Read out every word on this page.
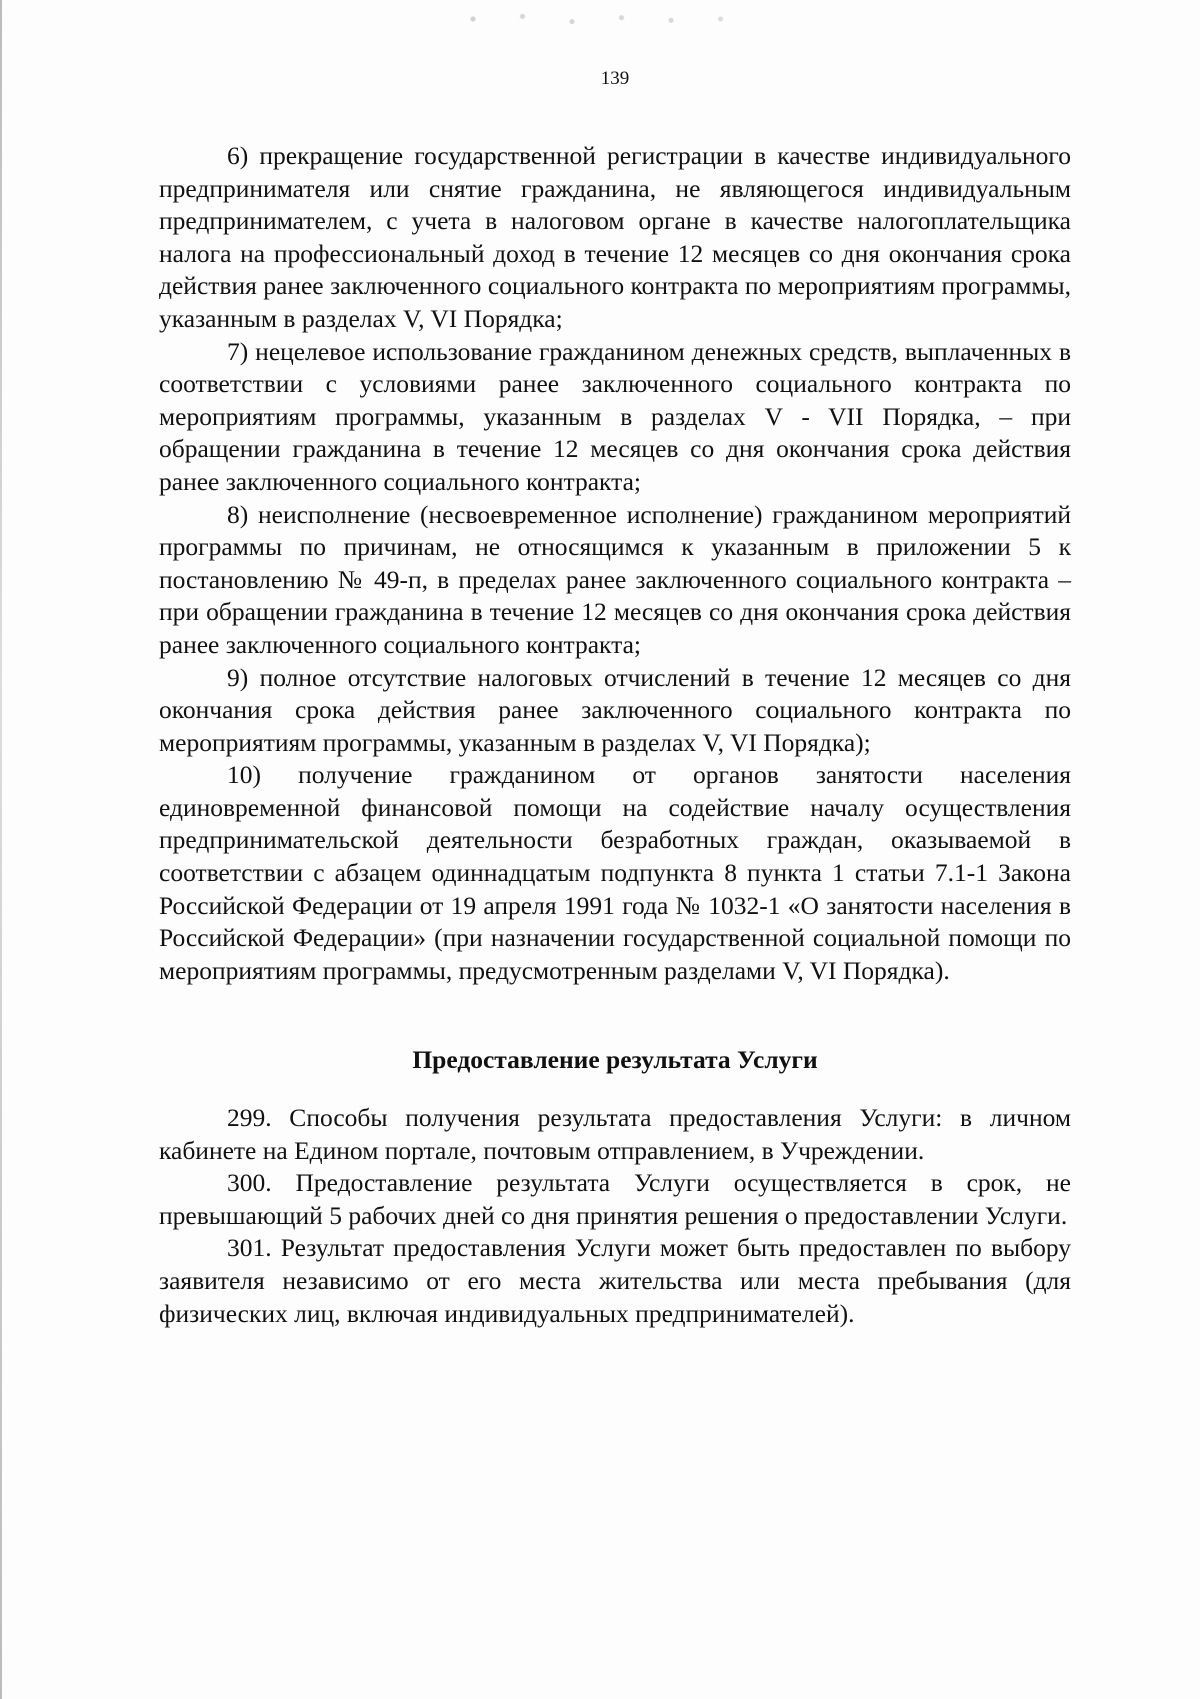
139

6) прекращение государственной регистрации в качестве индивидуального предпринимателя или снятие гражданина, не являющегося индивидуальным предпринимателем, с учета в налоговом органе в качестве налогоплательщика налога на профессиональный доход в течение 12 месяцев со дня окончания срока действия ранее заключенного социального контракта по мероприятиям программы, указанным в разделах V, VI Порядка;

7) нецелевое использование гражданином денежных средств, выплаченных в соответствии с условиями ранее заключенного социального контракта по мероприятиям программы, указанным в разделах V - VII Порядка, – при обращении гражданина в течение 12 месяцев со дня окончания срока действия ранее заключенного социального контракта;

8) неисполнение (несвоевременное исполнение) гражданином мероприятий программы по причинам, не относящимся к указанным в приложении 5 к постановлению № 49-п, в пределах ранее заключенного социального контракта – при обращении гражданина в течение 12 месяцев со дня окончания срока действия ранее заключенного социального контракта;

9) полное отсутствие налоговых отчислений в течение 12 месяцев со дня окончания срока действия ранее заключенного социального контракта по мероприятиям программы, указанным в разделах V, VI Порядка);

10) получение гражданином от органов занятости населения единовременной финансовой помощи на содействие началу осуществления предпринимательской деятельности безработных граждан, оказываемой в соответствии с абзацем одиннадцатым подпункта 8 пункта 1 статьи 7.1-1 Закона Российской Федерации от 19 апреля 1991 года № 1032-1 «О занятости населения в Российской Федерации» (при назначении государственной социальной помощи по мероприятиям программы, предусмотренным разделами V, VI Порядка).

Предоставление результата Услуги

299. Способы получения результата предоставления Услуги: в личном кабинете на Едином портале, почтовым отправлением, в Учреждении.

300. Предоставление результата Услуги осуществляется в срок, не превышающий 5 рабочих дней со дня принятия решения о предоставлении Услуги.

301. Результат предоставления Услуги может быть предоставлен по выбору заявителя независимо от его места жительства или места пребывания (для физических лиц, включая индивидуальных предпринимателей).
